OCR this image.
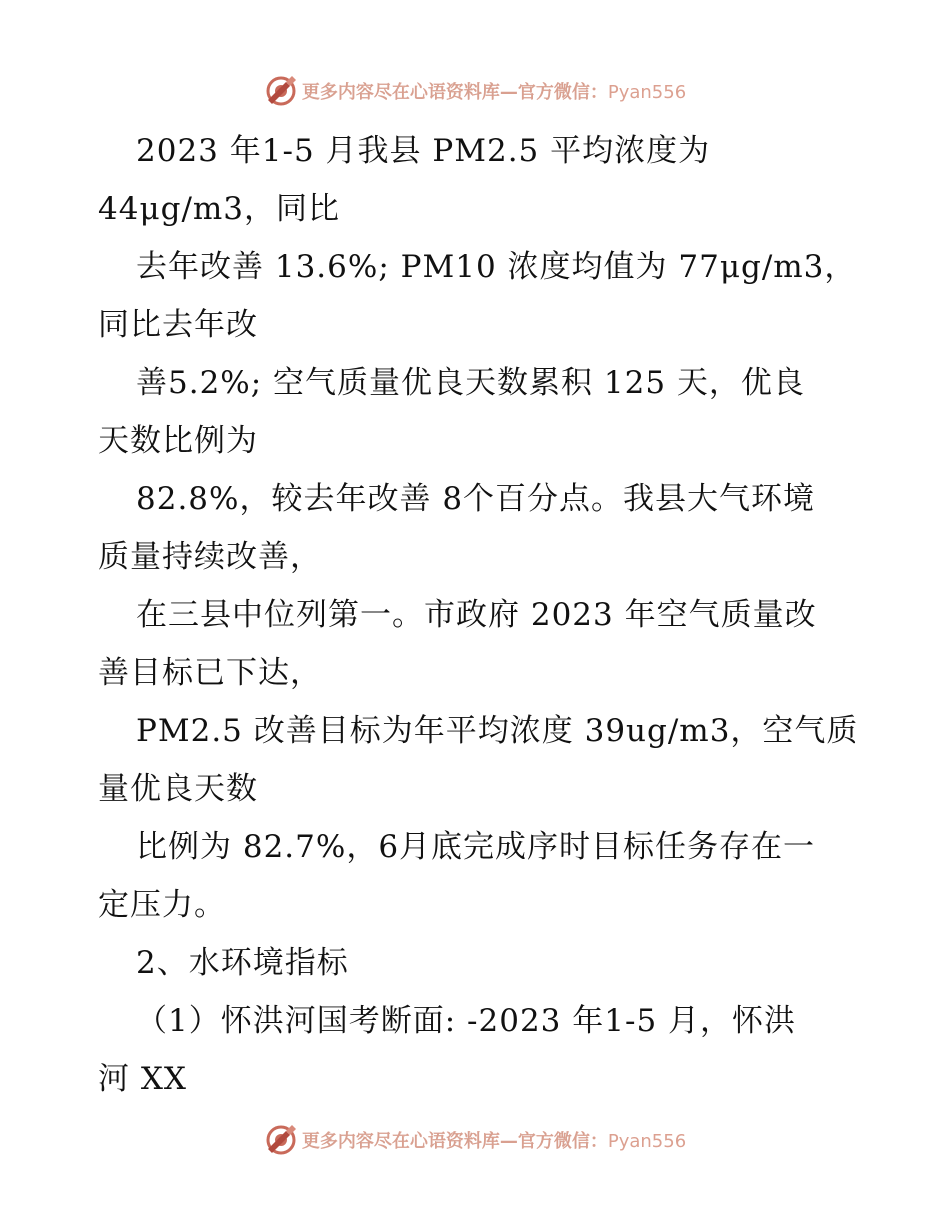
更多内容尽在心语资料库—官方微信：Pyan556
2023 年1-5 月我县 PM2.5 平均浓度为
44μg/m3，同比
去年改善 13.6%; PM10 浓度均值为 77μg/m3，
同比去年改
善5.2%; 空气质量优良天数累积 125 天，优良
天数比例为
82.8%，较去年改善 8个百分点。我县大气环境
质量持续改善，
在三县中位列第一。市政府 2023 年空气质量改
善目标已下达，
PM2.5 改善目标为年平均浓度 39ug/m3，空气质
量优良天数
比例为 82.7%，6月底完成序时目标任务存在一
定压力。
2、水环境指标
（1）怀洪河国考断面: -2023 年1-5 月，怀洪
河 XX
更多内容尽在心语资料库—官方微信：Pyan556
